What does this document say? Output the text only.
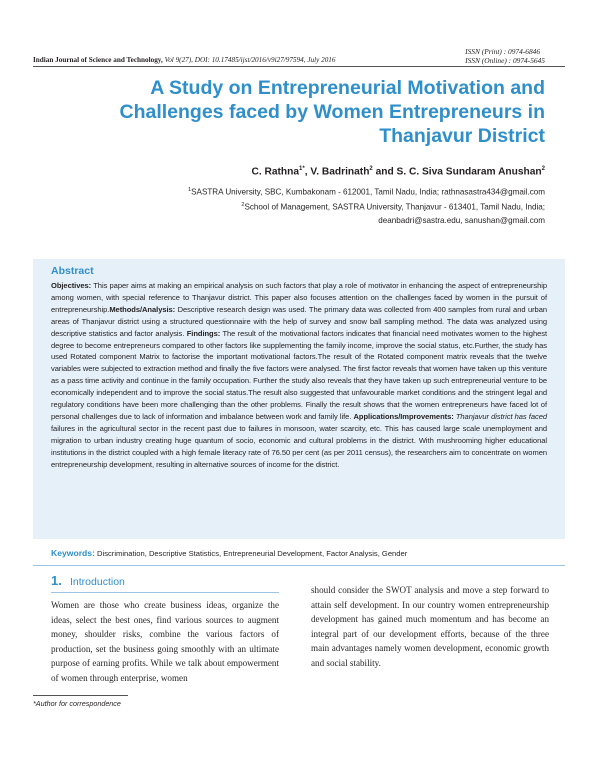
ISSN (Print) : 0974-6846
ISSN (Online) : 0974-5645
Indian Journal of Science and Technology, Vol 9(27), DOI: 10.17485/ijst/2016/v9i27/97594, July 2016
A Study on Entrepreneurial Motivation and Challenges faced by Women Entrepreneurs in Thanjavur District
C. Rathna$^{1*}$, V. Badrinath$^2$ and S. C. Siva Sundaram Anushan$^2$
$^1$SASTRA University, SBC, Kumbakonam - 612001, Tamil Nadu, India; rathnasastra434@gmail.com
$^2$School of Management, SASTRA University, Thanjavur - 613401, Tamil Nadu, India;
deanbadri@sastra.edu, sanushan@gmail.com
Abstract
Objectives: This paper aims at making an empirical analysis on such factors that play a role of motivator in enhancing the aspect of entrepreneurship among women, with special reference to Thanjavur district. This paper also focuses attention on the challenges faced by women in the pursuit of entrepreneurship.Methods/Analysis: Descriptive research design was used. The primary data was collected from 400 samples from rural and urban areas of Thanjavur district using a structured questionnaire with the help of survey and snow ball sampling method. The data was analyzed using descriptive statistics and factor analysis. Findings: The result of the motivational factors indicates that financial need motivates women to the highest degree to become entrepreneurs compared to other factors like supplementing the family income, improve the social status, etc.Further, the study has used Rotated component Matrix to factorise the important motivational factors.The result of the Rotated component matrix reveals that the twelve variables were subjected to extraction method and finally the five factors were analysed. The first factor reveals that women have taken up this venture as a pass time activity and continue in the family occupation. Further the study also reveals that they have taken up such entrepreneurial venture to be economically independent and to improve the social status.The result also suggested that unfavourable market conditions and the stringent legal and regulatory conditions have been more challenging than the other problems. Finally the result shows that the women entrepreneurs have faced lot of personal challenges due to lack of information and imbalance between work and family life. Applications/Improvements: Thanjavur district has faced failures in the agricultural sector in the recent past due to failures in monsoon, water scarcity, etc. This has caused large scale unemployment and migration to urban industry creating huge quantum of socio, economic and cultural problems in the district. With mushrooming higher educational institutions in the district coupled with a high female literacy rate of 76.50 per cent (as per 2011 census), the researchers aim to concentrate on women entrepreneurship development, resulting in alternative sources of income for the district.
Keywords: Discrimination, Descriptive Statistics, Entrepreneurial Development, Factor Analysis, Gender
1. Introduction
Women are those who create business ideas, organize the ideas, select the best ones, find various sources to augment money, shoulder risks, combine the various factors of production, set the business going smoothly with an ultimate purpose of earning profits. While we talk about empowerment of women through enterprise, women
should consider the SWOT analysis and move a step forward to attain self development. In our country women entrepreneurship development has gained much momentum and has become an integral part of our development efforts, because of the three main advantages namely women development, economic growth and social stability.
*Author for correspondence
